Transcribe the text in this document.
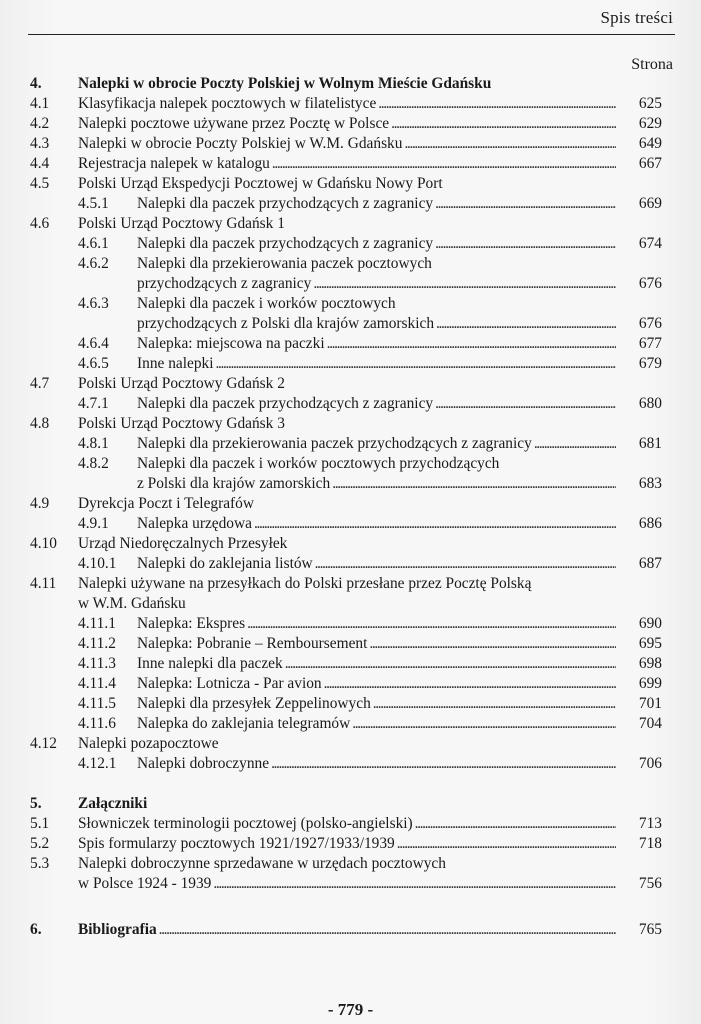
Spis treści
Strona
4. Nalepki w obrocie Poczty Polskiej w Wolnym Mieście Gdańsku
4.1 Klasyfikacja nalepek pocztowych w filatelistyce . . .	625
4.2 Nalepki pocztowe używane przez Pocztę w Polsce . . .	629
4.3 Nalepki w obrocie Poczty Polskiej w W.M. Gdańsku . . .	649
4.4 Rejestracja nalepek w katalogu . . .	667
4.5 Polski Urząd Ekspedycji Pocztowej w Gdańsku Nowy Port
4.5.1 Nalepki dla paczek przychodzących z zagranicy . . .	669
4.6 Polski Urząd Pocztowy Gdańsk 1
4.6.1 Nalepki dla paczek przychodzących z zagranicy . . .	674
4.6.2 Nalepki dla przekierowania paczek pocztowych
przychodzących z zagranicy . . .	676
4.6.3 Nalepki dla paczek i worków pocztowych
przychodzących z Polski dla krajów zamorskich . . .	676
4.6.4 Nalepka: miejscowa na paczki . . .	677
4.6.5 Inne nalepki . . .	679
4.7 Polski Urząd Pocztowy Gdańsk 2
4.7.1 Nalepki dla paczek przychodzących z zagranicy . . .	680
4.8 Polski Urząd Pocztowy Gdańsk 3
4.8.1 Nalepki dla przekierowania paczek przychodzących z zagranicy . . .	681
4.8.2 Nalepki dla paczek i worków pocztowych przychodzących
z Polski dla krajów zamorskich . . .	683
4.9 Dyrekcja Poczt i Telegrafów
4.9.1 Nalepka urzędowa . . .	686
4.10 Urząd Niedoręczalnych Przesyłek
4.10.1 Nalepki do zaklejania listów . . .	687
4.11 Nalepki używane na przesyłkach do Polski przesłane przez Pocztę Polską
w W.M. Gdańsku
4.11.1 Nalepka: Ekspres . . .	690
4.11.2 Nalepka: Pobranie – Remboursement . . .	695
4.11.3 Inne nalepki dla paczek . . .	698
4.11.4 Nalepka: Lotnicza - Par avion . . .	699
4.11.5 Nalepki dla przesyłek Zeppelinowych . . .	701
4.11.6 Nalepka do zaklejania telegramów . . .	704
4.12 Nalepki pozapocztowe
4.12.1 Nalepki dobroczynne . . .	706
5. Załączniki
5.1 Słowniczek terminologii pocztowej (polsko-angielski) . . .	713
5.2 Spis formularzy pocztowych 1921/1927/1933/1939 . . .	718
5.3 Nalepki dobroczynne sprzedawane w urzędach pocztowych
w Polsce 1924 - 1939 . . .	756
6. Bibliografia . . .	765
- 779 -
